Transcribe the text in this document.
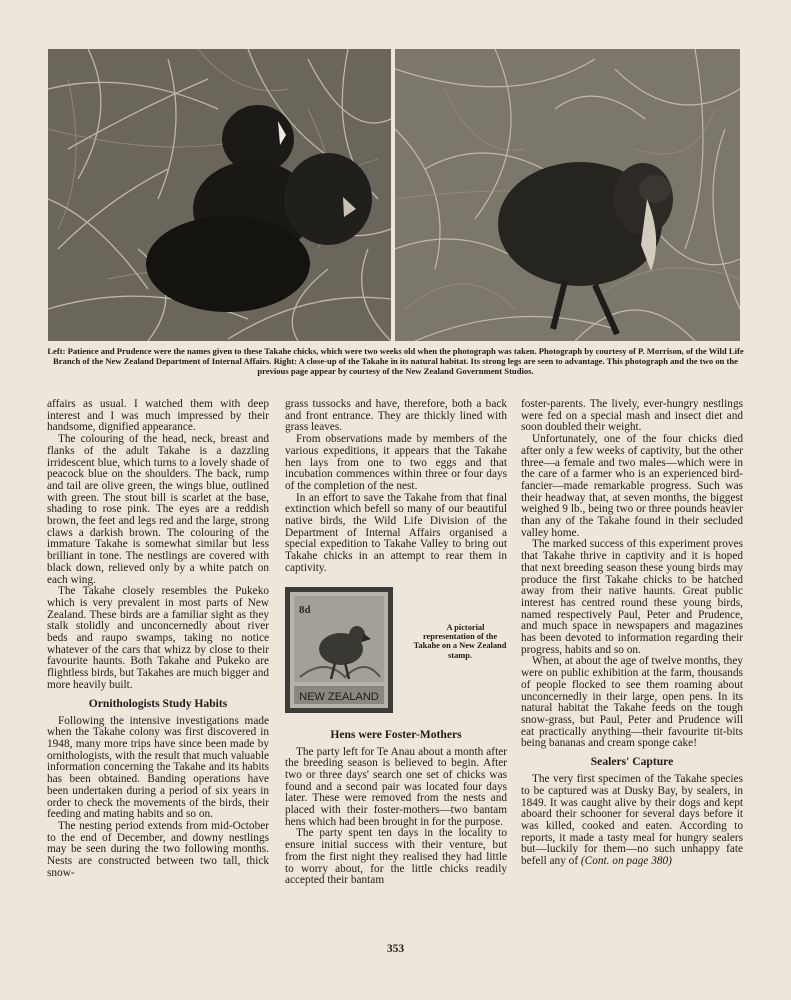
Left: Patience and Prudence were the names given to these Takahe chicks, which were two weeks old when the photograph was taken. Photograph by courtesy of P. Morrison, of the Wild Life Branch of the New Zealand Department of Internal Affairs. Right: A close-up of the Takahe in its natural habitat. Its strong legs are seen to advantage. This photograph and the two on the previous page appear by courtesy of the New Zealand Government Studios.

affairs as usual. I watched them with deep interest and I was much impressed by their handsome, dignified appearance.

The colouring of the head, neck, breast and flanks of the adult Takahe is a dazzling irridescent blue, which turns to a lovely shade of peacock blue on the shoulders. The back, rump and tail are olive green, the wings blue, outlined with green. The stout bill is scarlet at the base, shading to rose pink. The eyes are a reddish brown, the feet and legs red and the large, strong claws a darkish brown. The colouring of the immature Takahe is somewhat similar but less brilliant in tone. The nestlings are covered with black down, relieved only by a white patch on each wing.

The Takahe closely resembles the Pukeko which is very prevalent in most parts of New Zealand. These birds are a familiar sight as they stalk stolidly and unconcernedly about river beds and raupo swamps, taking no notice whatever of the cars that whizz by close to their favourite haunts. Both Takahe and Pukeko are flightless birds, but Takahes are much bigger and more heavily built.

Ornithologists Study Habits

Following the intensive investigations made when the Takahe colony was first discovered in 1948, many more trips have since been made by ornithologists, with the result that much valuable information concerning the Takahe and its habits has been obtained. Banding operations have been undertaken during a period of six years in order to check the movements of the birds, their feeding and mating habits and so on.

The nesting period extends from mid-October to the end of December, and downy nestlings may be seen during the two following months. Nests are constructed between two tall, thick snow-

grass tussocks and have, therefore, both a back and front entrance. They are thickly lined with grass leaves.

From observations made by members of the various expeditions, it appears that the Takahe hen lays from one to two eggs and that incubation commences within three or four days of the completion of the nest.

In an effort to save the Takahe from that final extinction which befell so many of our beautiful native birds, the Wild Life Division of the Department of Internal Affairs organised a special expedition to Takahe Valley to bring out Takahe chicks in an attempt to rear them in captivity.

8d
NEW ZEALAND

A pictorial representation of the Takahe on a New Zealand stamp.

Hens were Foster-Mothers

The party left for Te Anau about a month after the breeding season is believed to begin. After two or three days' search one set of chicks was found and a second pair was located four days later. These were removed from the nests and placed with their foster-mothers—two bantam hens which had been brought in for the purpose.

The party spent ten days in the locality to ensure initial success with their venture, but from the first night they realised they had little to worry about, for the little chicks readily accepted their bantam

foster-parents. The lively, ever-hungry nestlings were fed on a special mash and insect diet and soon doubled their weight.

Unfortunately, one of the four chicks died after only a few weeks of captivity, but the other three—a female and two males—which were in the care of a farmer who is an experienced bird-fancier—made remarkable progress. Such was their headway that, at seven months, the biggest weighed 9 lb., being two or three pounds heavier than any of the Takahe found in their secluded valley home.

The marked success of this experiment proves that Takahe thrive in captivity and it is hoped that next breeding season these young birds may produce the first Takahe chicks to be hatched away from their native haunts. Great public interest has centred round these young birds, named respectively Paul, Peter and Prudence, and much space in newspapers and magazines has been devoted to information regarding their progress, habits and so on.

When, at about the age of twelve months, they were on public exhibition at the farm, thousands of people flocked to see them roaming about unconcernedly in their large, open pens. In its natural habitat the Takahe feeds on the tough snow-grass, but Paul, Peter and Prudence will eat practically anything—their favourite tit-bits being bananas and cream sponge cake!

Sealers' Capture

The very first specimen of the Takahe species to be captured was at Dusky Bay, by sealers, in 1849. It was caught alive by their dogs and kept aboard their schooner for several days before it was killed, cooked and eaten. According to reports, it made a tasty meal for hungry sealers but—luckily for them—no such unhappy fate befell any of (Cont. on page 380)

353
